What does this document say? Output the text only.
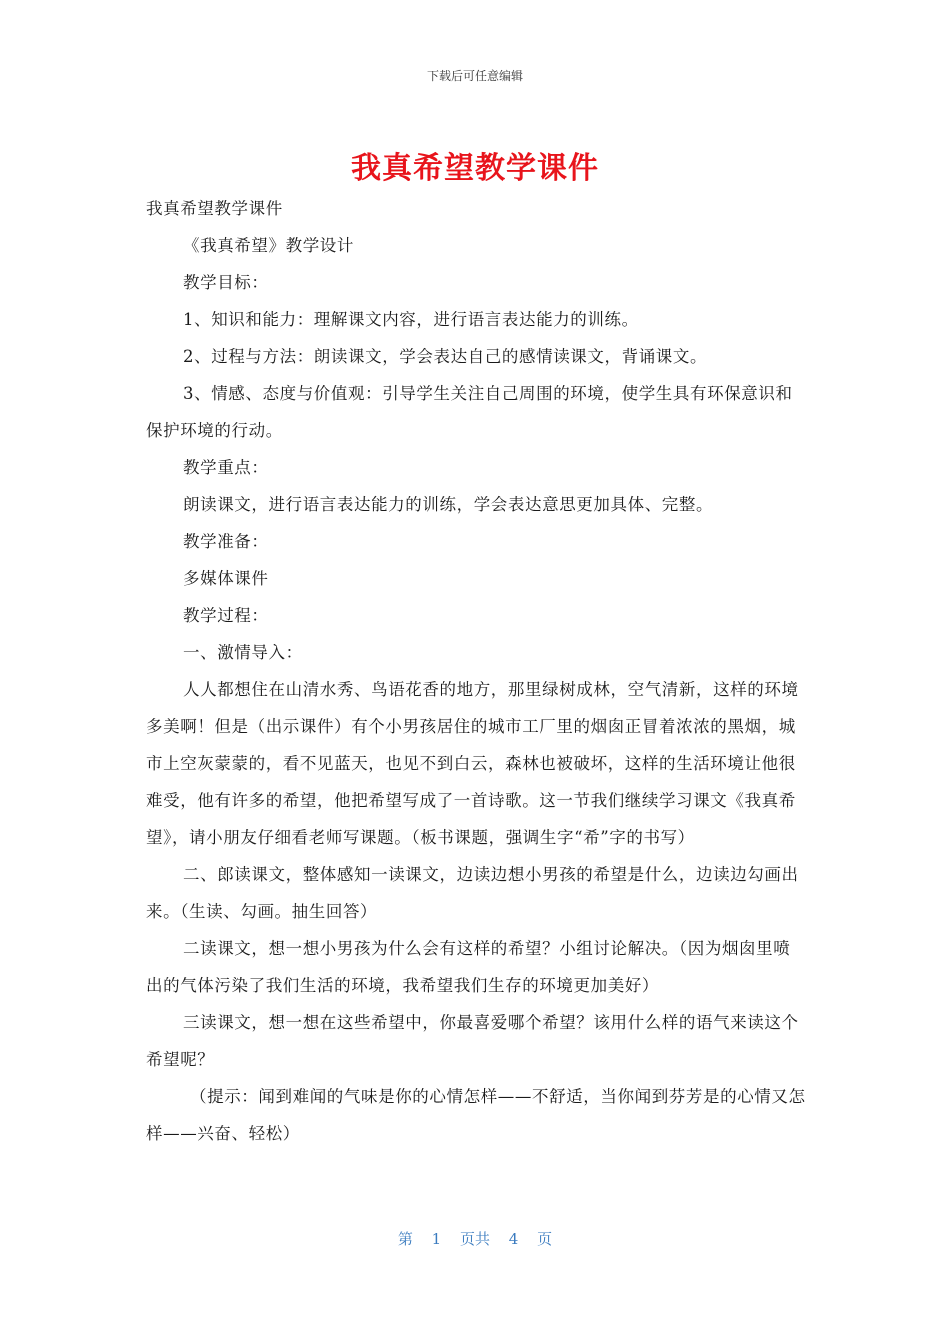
下载后可任意编辑
我真希望教学课件

我真希望教学课件

《我真希望》教学设计

教学目标：

1、知识和能力：理解课文内容，进行语言表达能力的训练。

2、过程与方法：朗读课文，学会表达自己的感情读课文，背诵课文。

3、情感、态度与价值观：引导学生关注自己周围的环境，使学生具有环保意识和保护环境的行动。

教学重点：

朗读课文，进行语言表达能力的训练，学会表达意思更加具体、完整。

教学准备：

多媒体课件

教学过程：

一、激情导入：

人人都想住在山清水秀、鸟语花香的地方，那里绿树成林，空气清新，这样的环境多美啊！但是（出示课件）有个小男孩居住的城市工厂里的烟囱正冒着浓浓的黑烟，城市上空灰蒙蒙的，看不见蓝天，也见不到白云，森林也被破坏，这样的生活环境让他很难受，他有许多的希望，他把希望写成了一首诗歌。这一节我们继续学习课文《我真希望》，请小朋友仔细看老师写课题。（板书课题，强调生字“希”字的书写）

二、郎读课文，整体感知一读课文，边读边想小男孩的希望是什么，边读边勾画出来。（生读、勾画。抽生回答）

二读课文，想一想小男孩为什么会有这样的希望？小组讨论解决。（因为烟囱里喷出的气体污染了我们生活的环境，我希望我们生存的环境更加美好）

三读课文，想一想在这些希望中，你最喜爱哪个希望？该用什么样的语气来读这个希望呢？

（提示：闻到难闻的气味是你的心情怎样——不舒适，当你闻到芬芳是的心情又怎样——兴奋、轻松）

第 1 页共 4 页
